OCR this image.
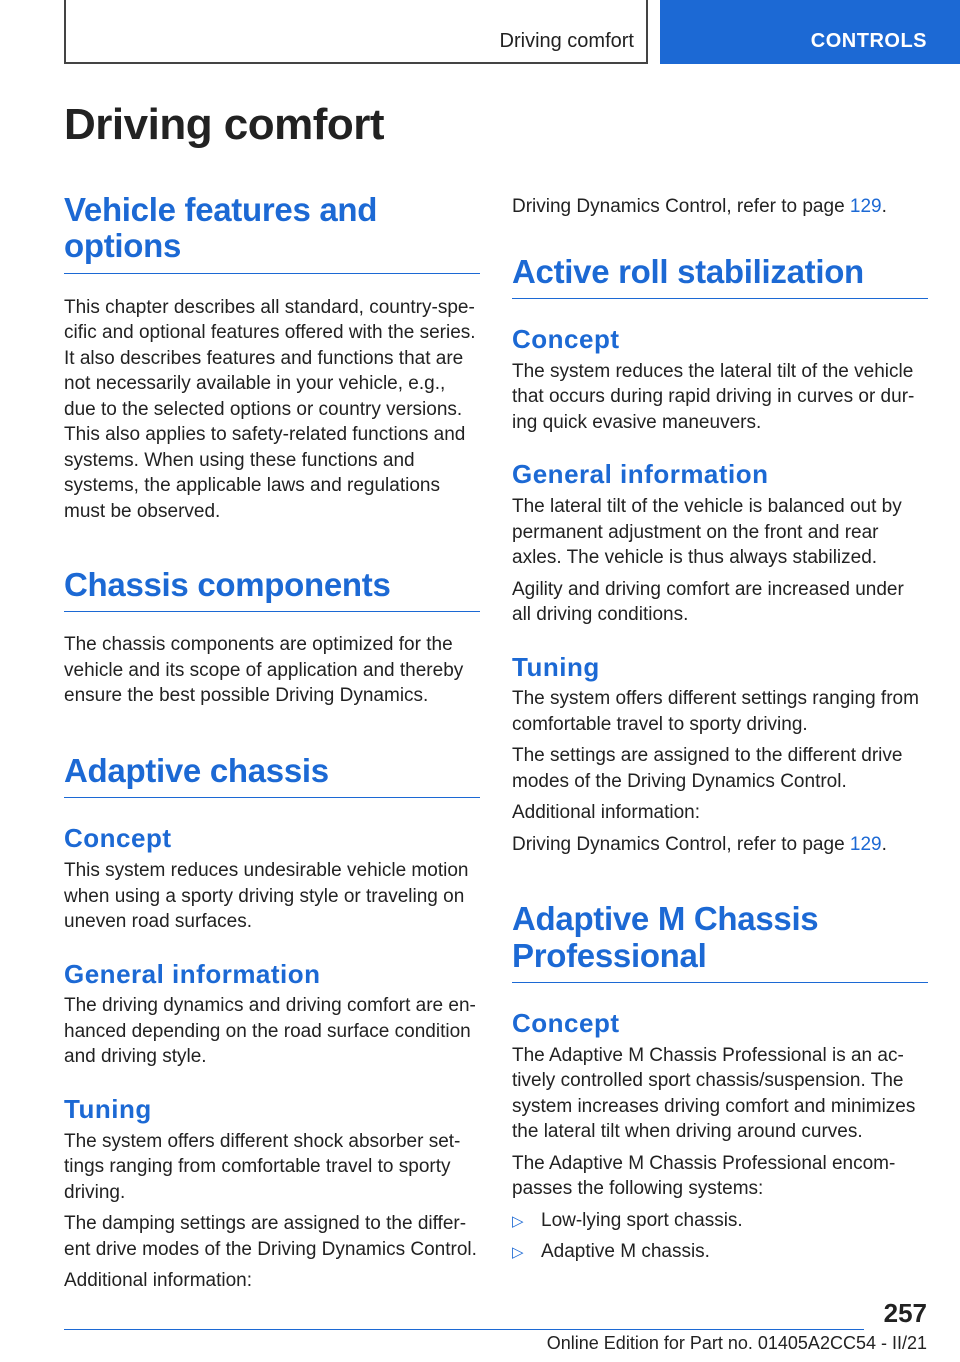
Driving comfort	CONTROLS
Driving comfort
Vehicle features and options

This chapter describes all standard, country-specific and optional features offered with the series. It also describes features and functions that are not necessarily available in your vehicle, e.g., due to the selected options or country versions. This also applies to safety-related functions and systems. When using these functions and systems, the applicable laws and regulations must be observed.

Chassis components

The chassis components are optimized for the vehicle and its scope of application and thereby ensure the best possible Driving Dynamics.

Adaptive chassis
Concept

This system reduces undesirable vehicle motion when using a sporty driving style or traveling on uneven road surfaces.

General information

The driving dynamics and driving comfort are enhanced depending on the road surface condition and driving style.

Tuning

The system offers different shock absorber settings ranging from comfortable travel to sporty driving.

The damping settings are assigned to the different drive modes of the Driving Dynamics Control.

Additional information:

Driving Dynamics Control, refer to page 129.

Active roll stabilization
Concept

The system reduces the lateral tilt of the vehicle that occurs during rapid driving in curves or during quick evasive maneuvers.

General information

The lateral tilt of the vehicle is balanced out by permanent adjustment on the front and rear axles. The vehicle is thus always stabilized.

Agility and driving comfort are increased under all driving conditions.

Tuning

The system offers different settings ranging from comfortable travel to sporty driving.

The settings are assigned to the different drive modes of the Driving Dynamics Control.

Additional information:

Driving Dynamics Control, refer to page 129.

Adaptive M Chassis Professional
Concept

The Adaptive M Chassis Professional is an actively controlled sport chassis/suspension. The system increases driving comfort and minimizes the lateral tilt when driving around curves.

The Adaptive M Chassis Professional encompasses the following systems:

▷ Low-lying sport chassis.
▷ Adaptive M chassis.
257
Online Edition for Part no. 01405A2CC54 - II/21
